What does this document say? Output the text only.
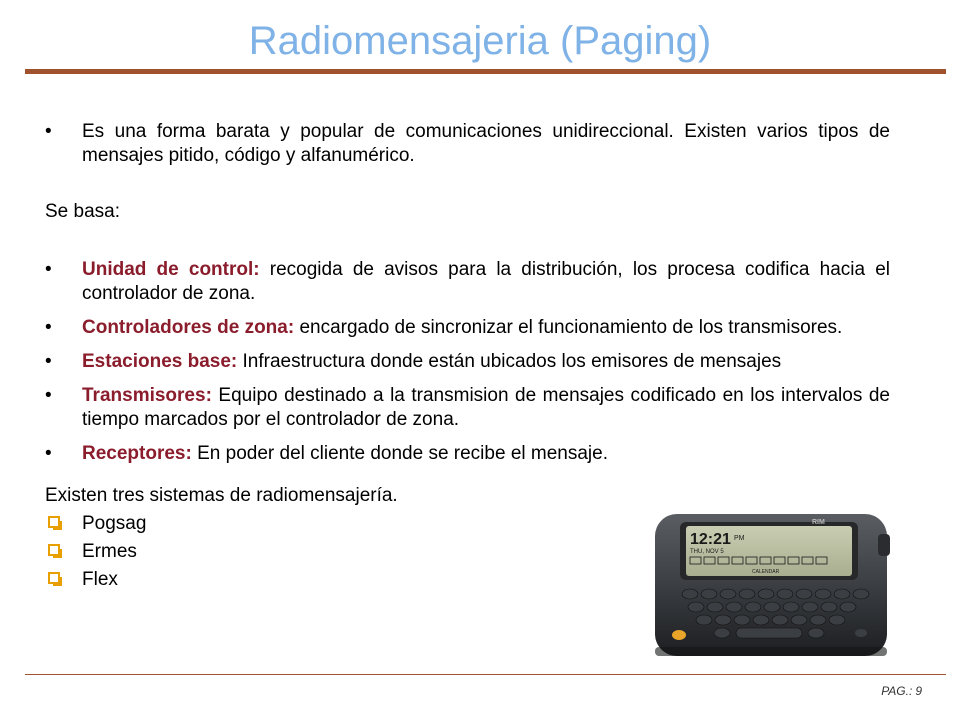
Radiomensajeria (Paging)

• Es una forma barata y popular de comunicaciones unidireccional. Existen varios tipos de mensajes pitido, código y alfanumérico.

Se basa:

• Unidad de control: recogida de avisos para la distribución, los procesa codifica hacia el controlador de zona.

• Controladores de zona: encargado de sincronizar el funcionamiento de los transmisores.

• Estaciones base: Infraestructura donde están ubicados los emisores de mensajes

• Transmisores: Equipo destinado a la transmision de mensajes codificado en los intervalos de tiempo marcados por el controlador de zona.

• Receptores: En poder del cliente donde se recibe el mensaje.

Existen tres sistemas de radiomensajería.

Pogsag
Ermes
Flex
RIM
12:21 PM
THU, NOV 5
CALENDAR
PAG.: 9
